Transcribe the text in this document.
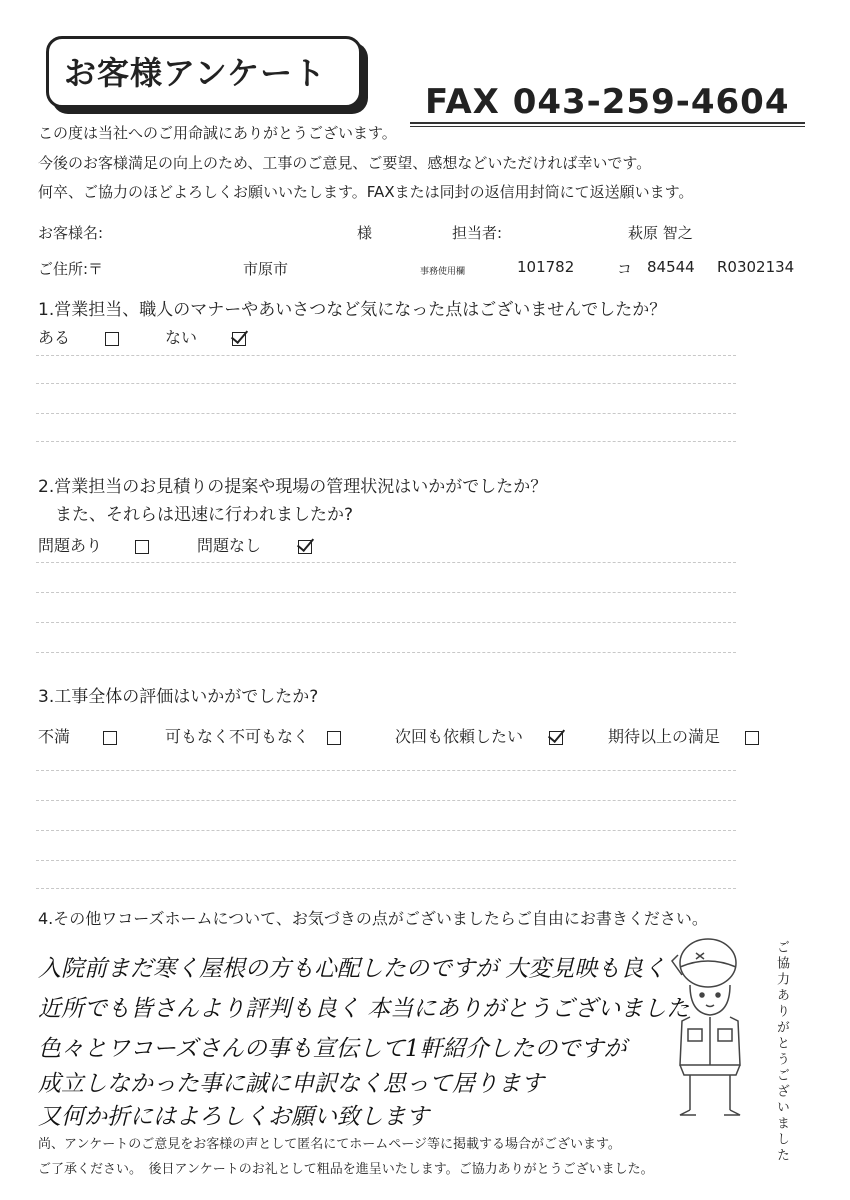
お客様アンケート
FAX 043-259-4604
この度は当社へのご用命誠にありがとうございます。
今後のお客様満足の向上のため、工事のご意見、ご要望、感想などいただければ幸いです。
何卒、ご協力のほどよろしくお願いいたします。FAXまたは同封の返信用封筒にて返送願います。
お客様名:	様	担当者:	萩原 智之
ご住所:〒	市原市	事務使用欄	101782	コ 84544 R0302134
1.営業担当、職人のマナーやあいさつなど気になった点はございませんでしたか？
ある	ない
2.営業担当のお見積りの提案や現場の管理状況はいかがでしたか？
また、それらは迅速に行われましたか?
問題あり	問題なし
3.工事全体の評価はいかがでしたか?
不満	可もなく不可もなく	次回も依頼したい	期待以上の満足
4.その他ワコーズホームについて、お気づきの点がございましたらご自由にお書きください。
入院前まだ寒く屋根の方も心配したのですが 大変見映も良く
近所でも皆さんより評判も良く 本当にありがとうございました
色々とワコーズさんの事も宣伝して1軒紹介したのですが
成立しなかった事に誠に申訳なく思って居ります
又何か折にはよろしくお願い致します	ご協力ありがとうございました
尚、アンケートのご意見をお客様の声として匿名にてホームページ等に掲載する場合がございます。
ご了承ください。　後日アンケートのお礼として粗品を進呈いたします。ご協力ありがとうございました。
